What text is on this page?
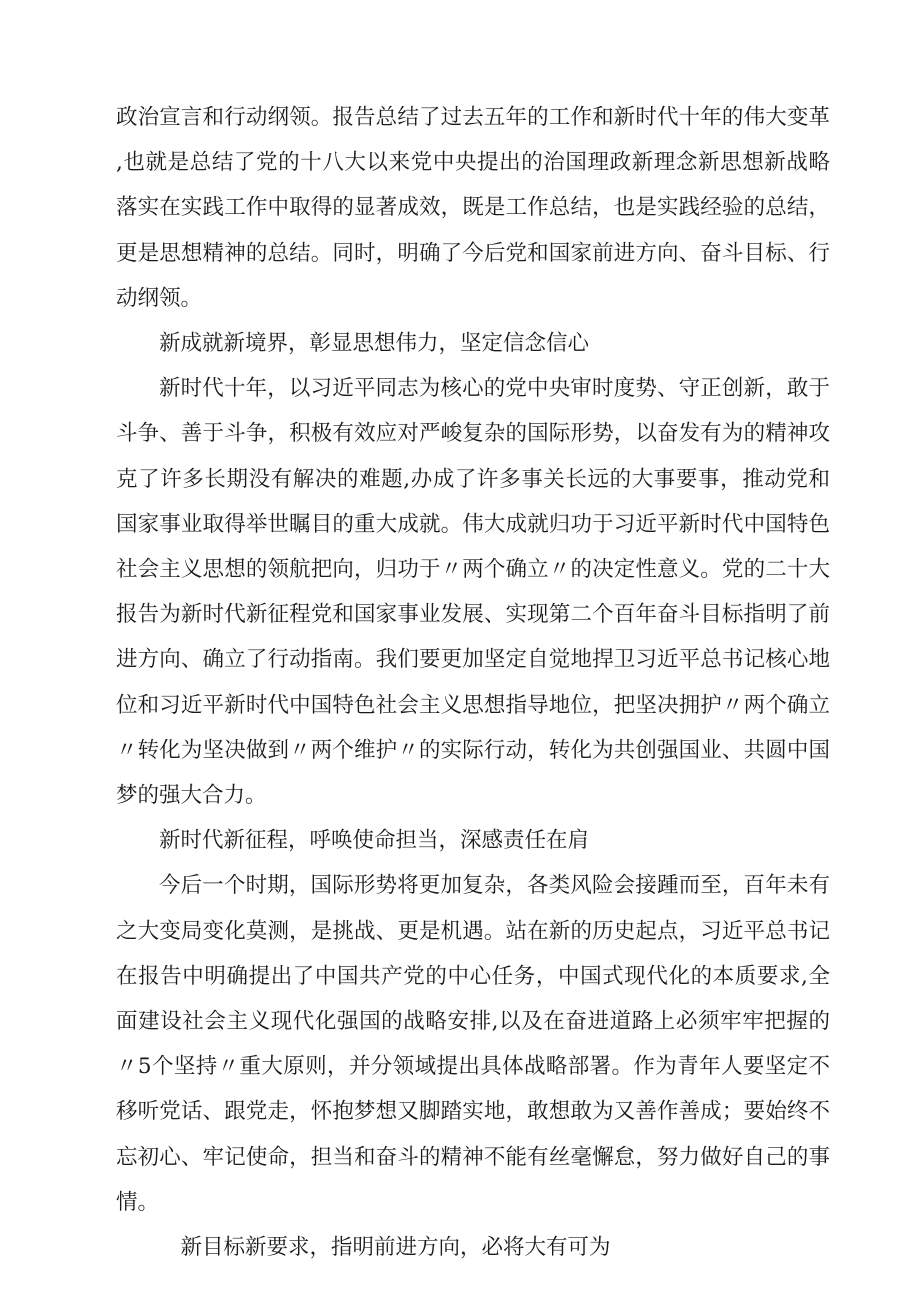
政治宣言和行动纲领。报告总结了过去五年的工作和新时代十年的伟大变革,也就是总结了党的十八大以来党中央提出的治国理政新理念新思想新战略落实在实践工作中取得的显著成效，既是工作总结，也是实践经验的总结，更是思想精神的总结。同时，明确了今后党和国家前进方向、奋斗目标、行动纲领。

新成就新境界，彰显思想伟力，坚定信念信心

新时代十年，以习近平同志为核心的党中央审时度势、守正创新，敢于斗争、善于斗争，积极有效应对严峻复杂的国际形势，以奋发有为的精神攻克了许多长期没有解决的难题,办成了许多事关长远的大事要事，推动党和国家事业取得举世瞩目的重大成就。伟大成就归功于习近平新时代中国特色社会主义思想的领航把向，归功于〃两个确立〃的决定性意义。党的二十大报告为新时代新征程党和国家事业发展、实现第二个百年奋斗目标指明了前进方向、确立了行动指南。我们要更加坚定自觉地捍卫习近平总书记核心地位和习近平新时代中国特色社会主义思想指导地位，把坚决拥护〃两个确立〃转化为坚决做到〃两个维护〃的实际行动，转化为共创强国业、共圆中国梦的强大合力。

新时代新征程，呼唤使命担当，深感责任在肩

今后一个时期，国际形势将更加复杂，各类风险会接踵而至，百年未有之大变局变化莫测，是挑战、更是机遇。站在新的历史起点，习近平总书记在报告中明确提出了中国共产党的中心任务，中国式现代化的本质要求,全面建设社会主义现代化强国的战略安排,以及在奋进道路上必须牢牢把握的〃5个坚持〃重大原则，并分领域提出具体战略部署。作为青年人要坚定不移听党话、跟党走，怀抱梦想又脚踏实地，敢想敢为又善作善成；要始终不忘初心、牢记使命，担当和奋斗的精神不能有丝毫懈怠，努力做好自己的事情。

新目标新要求，指明前进方向，必将大有可为
